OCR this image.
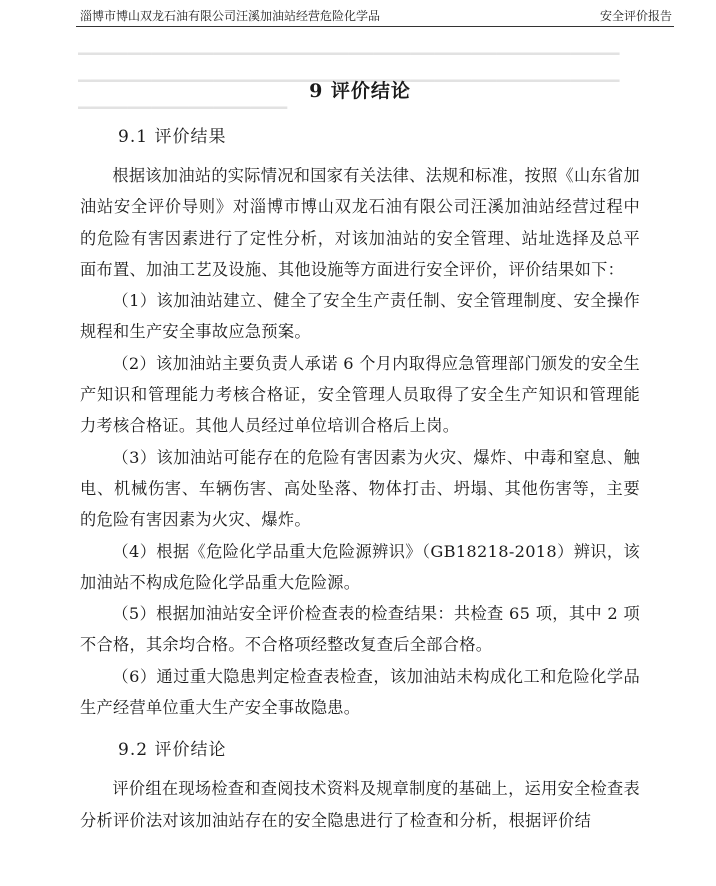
淄博市博山双龙石油有限公司汪溪加油站经营危险化学品	安全评价报告
▁▁▁▁▁▁▁▁▁▁▁▁▁▁▁▁▁▁▁▁▁▁▁▁▁▁▁▁▁▁▁▁▁▁▁▁▁▁▁▁▁▁▁▁
▁▁▁▁▁▁▁▁▁▁▁▁▁▁▁▁▁▁▁▁▁▁▁▁▁▁▁▁▁▁▁▁▁▁▁▁▁▁▁▁▁▁▁▁
▁▁▁▁▁▁▁▁▁▁▁▁▁▁▁▁▁	9 评价结论
9.1 评价结果

根据该加油站的实际情况和国家有关法律、法规和标准，按照《山东省加油站安全评价导则》对淄博市博山双龙石油有限公司汪溪加油站经营过程中的危险有害因素进行了定性分析，对该加油站的安全管理、站址选择及总平面布置、加油工艺及设施、其他设施等方面进行安全评价，评价结果如下：

（1）该加油站建立、健全了安全生产责任制、安全管理制度、安全操作规程和生产安全事故应急预案。

（2）该加油站主要负责人承诺 6 个月内取得应急管理部门颁发的安全生产知识和管理能力考核合格证，安全管理人员取得了安全生产知识和管理能力考核合格证。其他人员经过单位培训合格后上岗。

（3）该加油站可能存在的危险有害因素为火灾、爆炸、中毒和窒息、触电、机械伤害、车辆伤害、高处坠落、物体打击、坍塌、其他伤害等，主要的危险有害因素为火灾、爆炸。

（4）根据《危险化学品重大危险源辨识》（GB18218-2018）辨识，该加油站不构成危险化学品重大危险源。

（5）根据加油站安全评价检查表的检查结果：共检查 65 项，其中 2 项不合格，其余均合格。不合格项经整改复查后全部合格。

（6）通过重大隐患判定检查表检查，该加油站未构成化工和危险化学品生产经营单位重大生产安全事故隐患。

9.2 评价结论

评价组在现场检查和查阅技术资料及规章制度的基础上，运用安全检查表分析评价法对该加油站存在的安全隐患进行了检查和分析，根据评价结
